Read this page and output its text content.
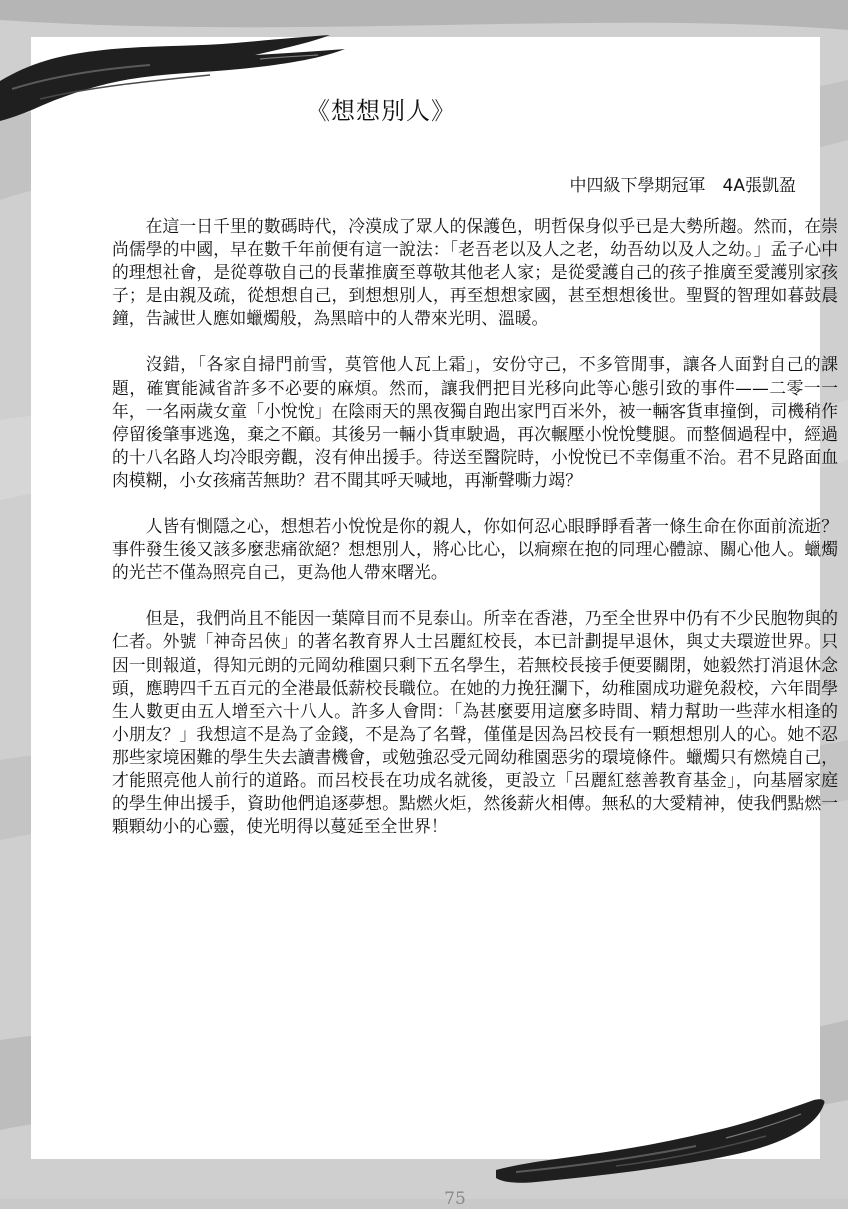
《想想別人》
中四級下學期冠軍　4A張凱盈

在這一日千里的數碼時代，冷漠成了眾人的保護色，明哲保身似乎已是大勢所趨。然而，在崇尚儒學的中國，早在數千年前便有這一說法：「老吾老以及人之老，幼吾幼以及人之幼。」孟子心中的理想社會，是從尊敬自己的長輩推廣至尊敬其他老人家；是從愛護自己的孩子推廣至愛護別家孩子；是由親及疏，從想想自己，到想想別人，再至想想家國，甚至想想後世。聖賢的智理如暮鼓晨鐘，告誡世人應如蠟燭般，為黑暗中的人帶來光明、溫暖。

沒錯，「各家自掃門前雪，莫管他人瓦上霜」，安份守己，不多管閒事，讓各人面對自己的課題，確實能減省許多不必要的麻煩。然而，讓我們把目光移向此等心態引致的事件——二零一一年，一名兩歲女童「小悅悅」在陰雨天的黑夜獨自跑出家門百米外，被一輛客貨車撞倒，司機稍作停留後肇事逃逸，棄之不顧。其後另一輛小貨車駛過，再次輾壓小悅悅雙腿。而整個過程中，經過的十八名路人均冷眼旁觀，沒有伸出援手。待送至醫院時，小悅悅已不幸傷重不治。君不見路面血肉模糊，小女孩痛苦無助？君不聞其呼天喊地，再漸聲嘶力竭？

人皆有惻隱之心，想想若小悅悅是你的親人，你如何忍心眼睜睜看著一條生命在你面前流逝？事件發生後又該多麼悲痛欲絕？想想別人，將心比心，以痌瘝在抱的同理心體諒、關心他人。蠟燭的光芒不僅為照亮自己，更為他人帶來曙光。

但是，我們尚且不能因一葉障目而不見泰山。所幸在香港，乃至全世界中仍有不少民胞物與的仁者。外號「神奇呂俠」的著名教育界人士呂麗紅校長，本已計劃提早退休，與丈夫環遊世界。只因一則報道，得知元朗的元岡幼稚園只剩下五名學生，若無校長接手便要關閉，她毅然打消退休念頭，應聘四千五百元的全港最低薪校長職位。在她的力挽狂瀾下，幼稚園成功避免殺校，六年間學生人數更由五人增至六十八人。許多人會問：「為甚麼要用這麼多時間、精力幫助一些萍水相逢的小朋友？」我想這不是為了金錢，不是為了名聲，僅僅是因為呂校長有一顆想想別人的心。她不忍那些家境困難的學生失去讀書機會，或勉強忍受元岡幼稚園惡劣的環境條件。蠟燭只有燃燒自己，才能照亮他人前行的道路。而呂校長在功成名就後，更設立「呂麗紅慈善教育基金」，向基層家庭的學生伸出援手，資助他們追逐夢想。點燃火炬，然後薪火相傳。無私的大愛精神，使我們點燃一顆顆幼小的心靈，使光明得以蔓延至全世界！

75
